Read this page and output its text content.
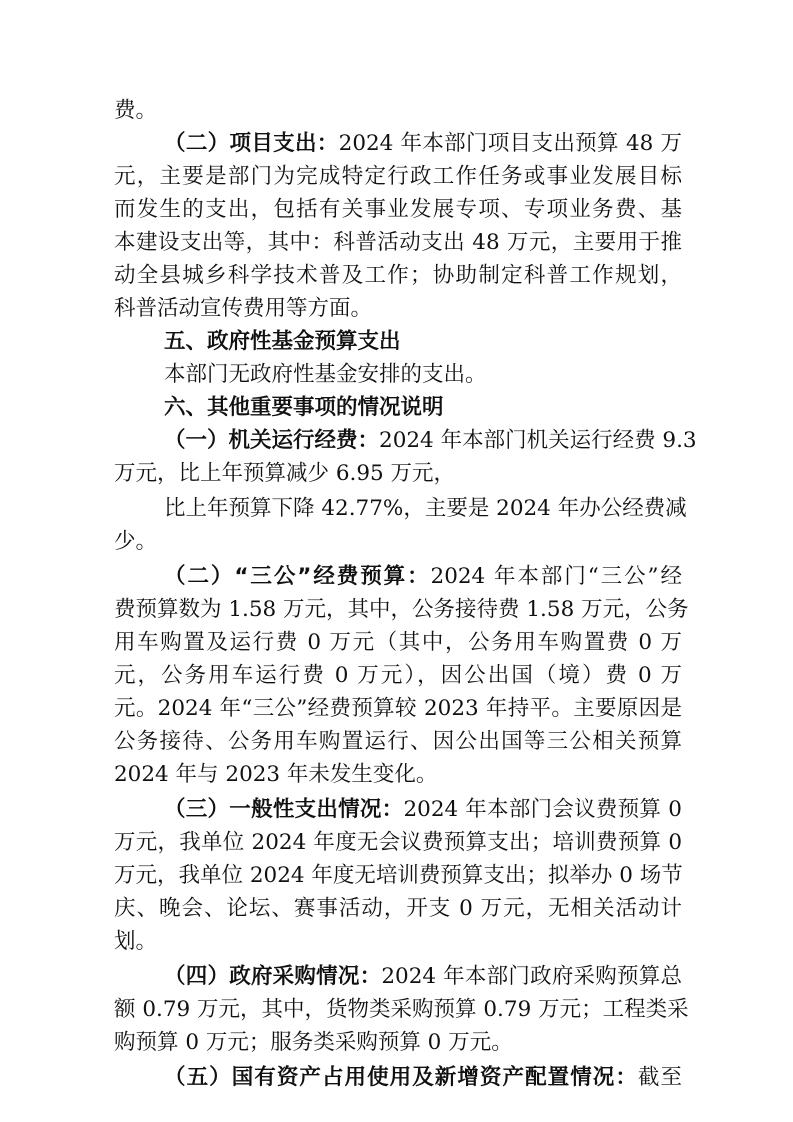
费。
（二）项目支出：2024 年本部门项目支出预算 48 万
元，主要是部门为完成特定行政工作任务或事业发展目标
而发生的支出，包括有关事业发展专项、专项业务费、基
本建设支出等，其中：科普活动支出 48 万元，主要用于推
动全县城乡科学技术普及工作；协助制定科普工作规划，
科普活动宣传费用等方面。
五、政府性基金预算支出
本部门无政府性基金安排的支出。
六、其他重要事项的情况说明
（一）机关运行经费：2024 年本部门机关运行经费 9.3
万元，比上年预算减少 6.95 万元，
比上年预算下降 42.77%，主要是 2024 年办公经费减
少。
（二）“三公”经费预算：2024 年本部门“三公”经
费预算数为 1.58 万元，其中，公务接待费 1.58 万元，公务
用车购置及运行费 0 万元（其中，公务用车购置费 0 万
元，公务用车运行费 0 万元），因公出国（境）费 0 万
元。2024 年“三公”经费预算较 2023 年持平。主要原因是
公务接待、公务用车购置运行、因公出国等三公相关预算
2024 年与 2023 年未发生变化。
（三）一般性支出情况：2024 年本部门会议费预算 0
万元，我单位 2024 年度无会议费预算支出；培训费预算 0
万元，我单位 2024 年度无培训费预算支出；拟举办 0 场节
庆、晚会、论坛、赛事活动，开支 0 万元，无相关活动计
划。
（四）政府采购情况：2024 年本部门政府采购预算总
额 0.79 万元，其中，货物类采购预算 0.79 万元；工程类采
购预算 0 万元；服务类采购预算 0 万元。
（五）国有资产占用使用及新增资产配置情况：截至
